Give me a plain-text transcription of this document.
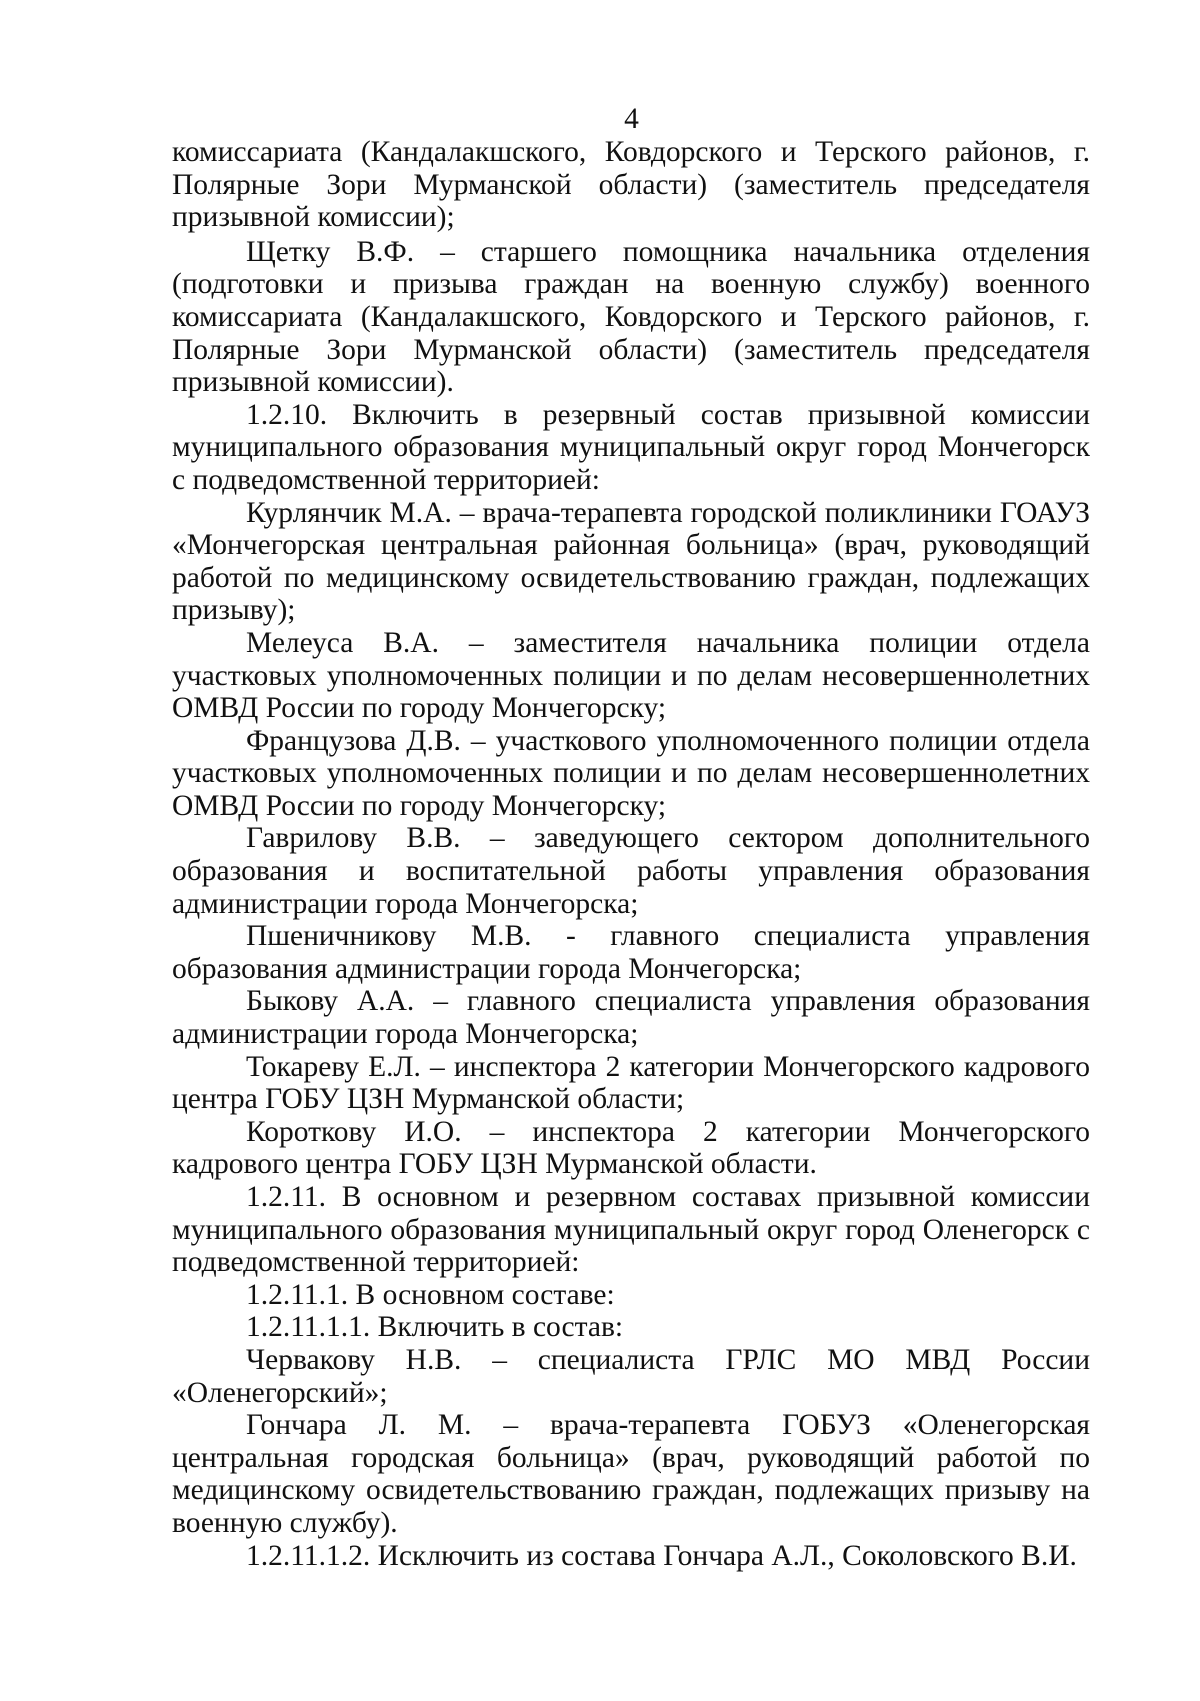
4

комиссариата (Кандалакшского, Ковдорского и Терского районов, г. Полярные Зори Мурманской области) (заместитель председателя призывной комиссии);

Щетку В.Ф. – старшего помощника начальника отделения (подготовки и призыва граждан на военную службу) военного комиссариата (Кандалакшского, Ковдорского и Терского районов, г. Полярные Зори Мурманской области) (заместитель председателя призывной комиссии).

1.2.10. Включить в резервный состав призывной комиссии муниципального образования муниципальный округ город Мончегорск с подведомственной территорией:

Курлянчик М.А. – врача-терапевта городской поликлиники ГОАУЗ «Мончегорская центральная районная больница» (врач, руководящий работой по медицинскому освидетельствованию граждан, подлежащих призыву);

Мелеуса В.А. – заместителя начальника полиции отдела участковых уполномоченных полиции и по делам несовершеннолетних ОМВД России по городу Мончегорску;

Французова Д.В. – участкового уполномоченного полиции отдела участковых уполномоченных полиции и по делам несовершеннолетних ОМВД России по городу Мончегорску;

Гаврилову В.В. – заведующего сектором дополнительного образования и воспитательной работы управления образования администрации города Мончегорска;

Пшеничникову М.В. - главного специалиста управления образования администрации города Мончегорска;

Быкову А.А. – главного специалиста управления образования администрации города Мончегорска;

Токареву Е.Л. – инспектора 2 категории Мончегорского кадрового центра ГОБУ ЦЗН Мурманской области;

Короткову И.О. – инспектора 2 категории Мончегорского кадрового центра ГОБУ ЦЗН Мурманской области.

1.2.11. В основном и резервном составах призывной комиссии муниципального образования муниципальный округ город Оленегорск с подведомственной территорией:

1.2.11.1. В основном составе:

1.2.11.1.1. Включить в состав:

Червакову Н.В. – специалиста ГРЛС МО МВД России «Оленегорский»;

Гончара Л. М. – врача-терапевта ГОБУЗ «Оленегорская центральная городская больница» (врач, руководящий работой по медицинскому освидетельствованию граждан, подлежащих призыву на военную службу).

1.2.11.1.2. Исключить из состава Гончара А.Л., Соколовского В.И.
